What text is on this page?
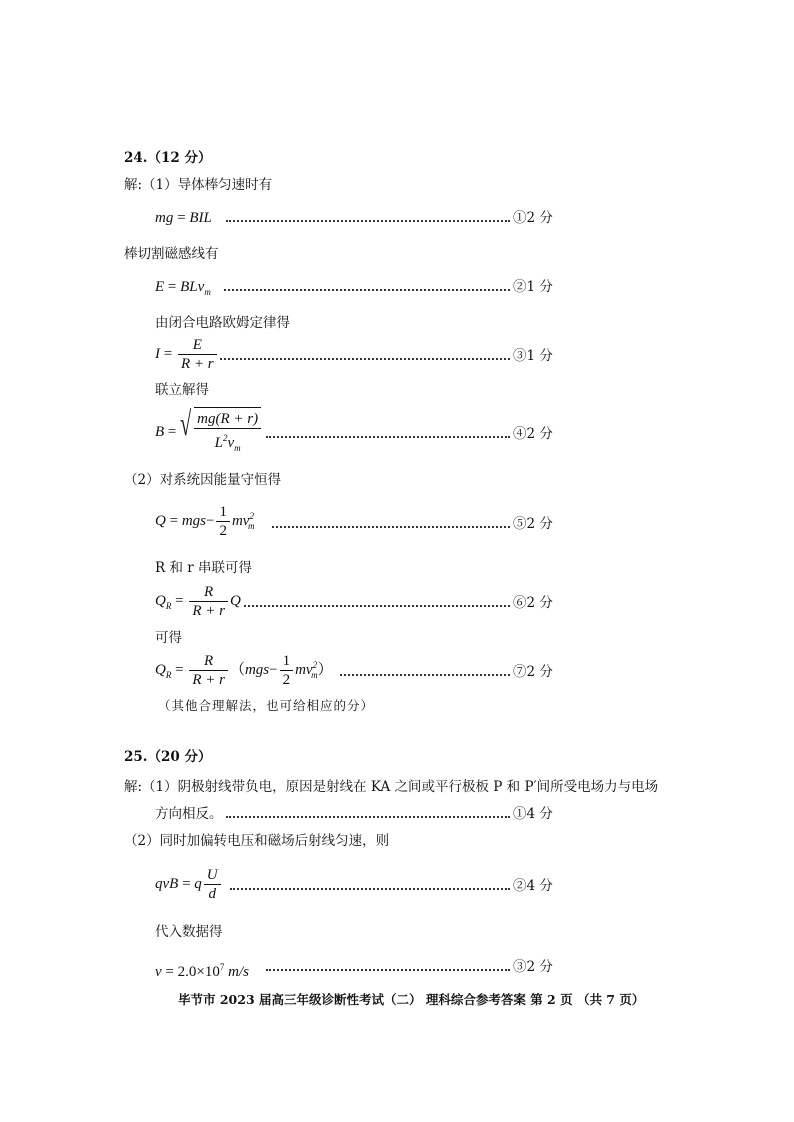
24.（12 分）
解:（1）导体棒匀速时有
mg = BIL	①2 分
棒切割磁感线有
E = BLv$_m$	②1 分
由闭合电路欧姆定律得
$I = \frac{E}{R + r}$	③1 分
联立解得
B = √ $\frac{mg(R + r)}{L^2v_m}$	④2 分
（2）对系统因能量守恒得
$Q = mgs- \frac{1}{2} mv^2_m$	⑤2 分
R 和 r 串联可得
$Q_R = \frac{R}{R + r}$ Q	⑥2 分
可得
$Q_R = \frac{R}{R + r} (mgs- \frac{1}{2} mv^2_m)$	⑦2 分
（其他合理解法，也可给相应的分）
25.（20 分）
解:（1）阴极射线带负电，原因是射线在 KA 之间或平行极板 P 和 P′间所受电场力与电场
方向相反。	①4 分
（2）同时加偏转电压和磁场后射线匀速，则
qvB = q $\frac{U}{d}$	②4 分
代入数据得
$v = 2.0\times 10^7$ m/s	③2 分
毕节市 2023 届高三年级诊断性考试（二） 理科综合参考答案 第 2 页 （共 7 页）
